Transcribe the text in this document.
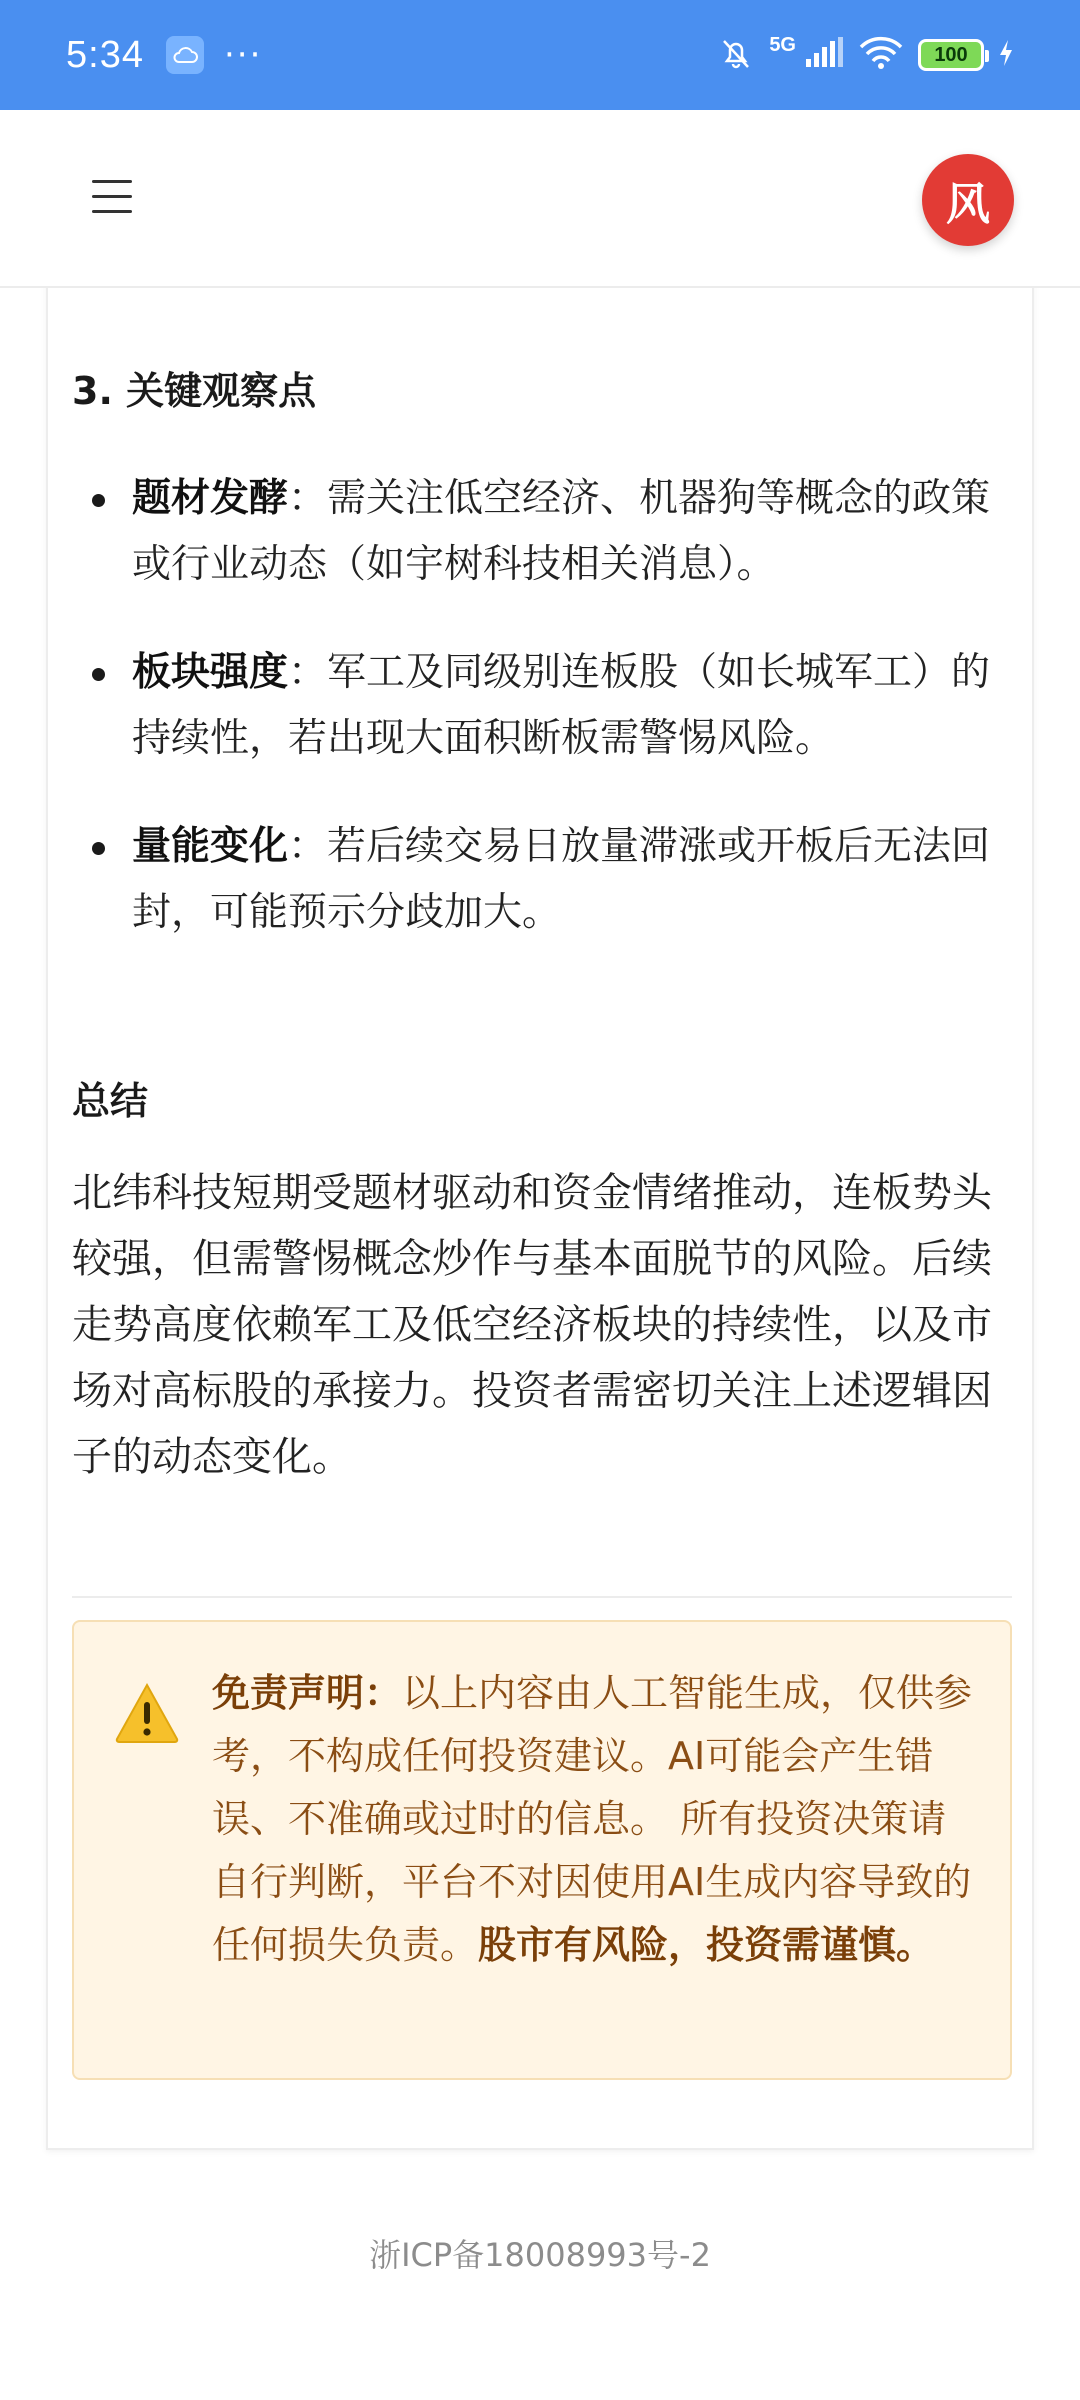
5:34 ···	5G	100
3. 关键观察点
题材发酵：需关注低空经济、机器狗等概念的政策或行业动态（如宇树科技相关消息）。
板块强度：军工及同级别连板股（如长城军工）的持续性，若出现大面积断板需警惕风险。
量能变化：若后续交易日放量滞涨或开板后无法回封，可能预示分歧加大。
总结
北纬科技短期受题材驱动和资金情绪推动，连板势头较强，但需警惕概念炒作与基本面脱节的风险。后续走势高度依赖军工及低空经济板块的持续性，以及市场对高标股的承接力。投资者需密切关注上述逻辑因子的动态变化。
免责声明：以上内容由人工智能生成，仅供参考，不构成任何投资建议。AI可能会产生错误、不准确或过时的信息。 所有投资决策请自行判断，平台不对因使用AI生成内容导致的任何损失负责。股市有风险，投资需谨慎。
风
浙ICP备18008993号-2
